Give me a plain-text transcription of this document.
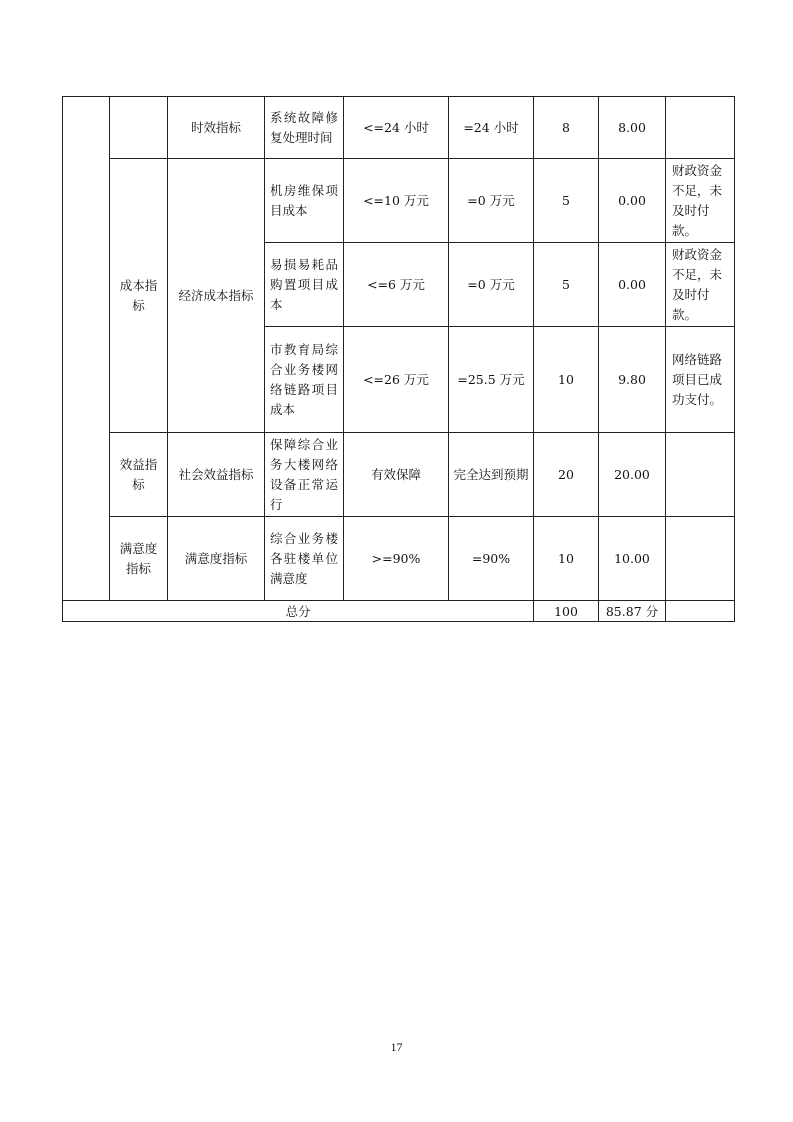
		时效指标	系统故障修复处理时间	<=24 小时	=24 小时	8	8.00	
	成本指标	经济成本指标	机房维保项目成本	<=10 万元	=0 万元	5	0.00	财政资金不足，未及时付款。
			易损易耗品购置项目成本	<=6 万元	=0 万元	5	0.00	财政资金不足，未及时付款。
			市教育局综合业务楼网络链路项目成本	<=26 万元	=25.5 万元	10	9.80	网络链路项目已成功支付。
	效益指标	社会效益指标	保障综合业务大楼网络设备正常运行	有效保障	完全达到预期	20	20.00	
	满意度指标	满意度指标	综合业务楼各驻楼单位满意度	>=90%	=90%	10	10.00	
总分						100	85.87 分	
17
